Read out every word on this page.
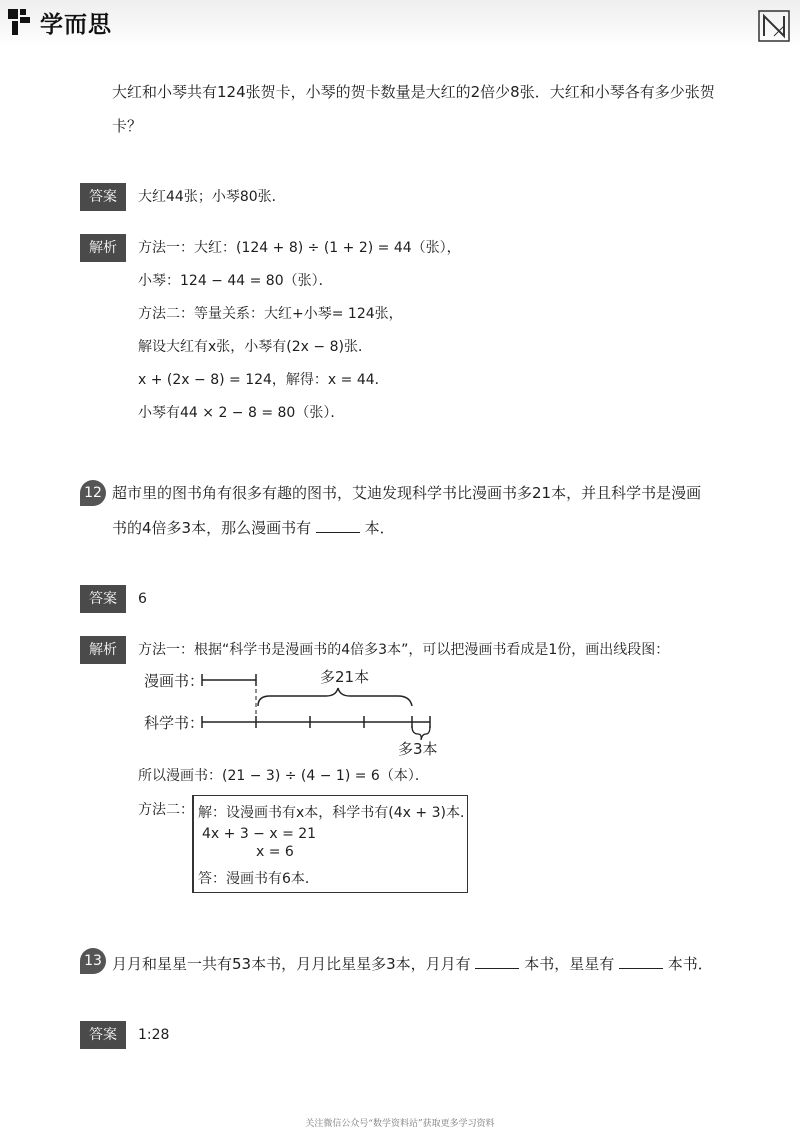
学而思
大红和小琴共有124张贺卡，小琴的贺卡数量是大红的2倍少8张．大红和小琴各有多少张贺
卡？
答案	大红44张；小琴80张．
解析	方法一：大红：(124 + 8) ÷ (1 + 2) = 44（张），
小琴：124 − 44 = 80（张）．
方法二：等量关系：大红+小琴= 124张，
解设大红有x张，小琴有(2x − 8)张．
x + (2x − 8) = 124，解得：x = 44．
小琴有44 × 2 − 8 = 80（张）．
12 超市里的图书角有很多有趣的图书，艾迪发现科学书比漫画书多21本，并且科学书是漫画
书的4倍多3本，那么漫画书有	本．
答案	6
解析	方法一：根据“科学书是漫画书的4倍多3本”，可以把漫画书看成是1份，画出线段图：
漫画书：
科学书：
多21本
多3本
所以漫画书：(21 − 3) ÷ (4 − 1) = 6（本）．
方法二： 解：设漫画书有x本，科学书有(4x + 3)本．
4x + 3 − x = 21
x = 6
答：漫画书有6本．
13 月月和星星一共有53本书，月月比星星多3本，月月有	本书，星星有	本书．
答案	1:28
关注微信公众号“数学资料站”获取更多学习资料
